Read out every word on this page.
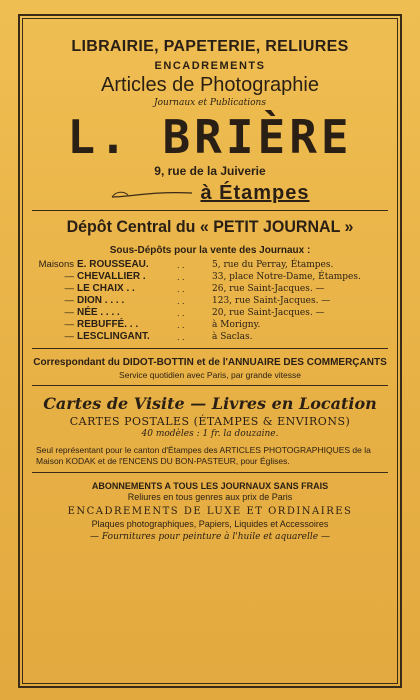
LIBRAIRIE, PAPETERIE, RELIURES
ENCADREMENTS
Articles de Photographie
Journaux et Publications
L. BRIÈRE
9, rue de la Juiverie
à Étampes
Dépôt Central du « PETIT JOURNAL »
Sous-Dépôts pour la vente des Journaux :
Maisons E. ROUSSEAU.	. .	5, rue du Perray, Étampes.
— CHEVALLIER .	. .	33, place Notre-Dame, Étampes.
— LE CHAIX . .	. .	26, rue Saint-Jacques. —
— DION . . . .	. .	123, rue Saint-Jacques. —
— NÉE . . . .	. .	20, rue Saint-Jacques. —
— REBUFFÉ. . .	. .	à Morigny.
— LESCLINGANT.	. .	à Saclas.
Correspondant du DIDOT-BOTTIN et de l'ANNUAIRE DES COMMERÇANTS
Service quotidien avec Paris, par grande vitesse
Cartes de Visite — Livres en Location
CARTES POSTALES (ÉTAMPES & ENVIRONS)
40 modèles : 1 fr. la douzaine.
Seul représentant pour le canton d'Étampes des ARTICLES PHOTOGRAPHIQUES de la Maison KODAK et de l'ENCENS DU BON-PASTEUR, pour Églises.
ABONNEMENTS A TOUS LES JOURNAUX SANS FRAIS
Reliures en tous genres aux prix de Paris
ENCADREMENTS DE LUXE ET ORDINAIRES
Plaques photographiques, Papiers, Liquides et Accessoires
— Fournitures pour peinture à l'huile et aquarelle —
